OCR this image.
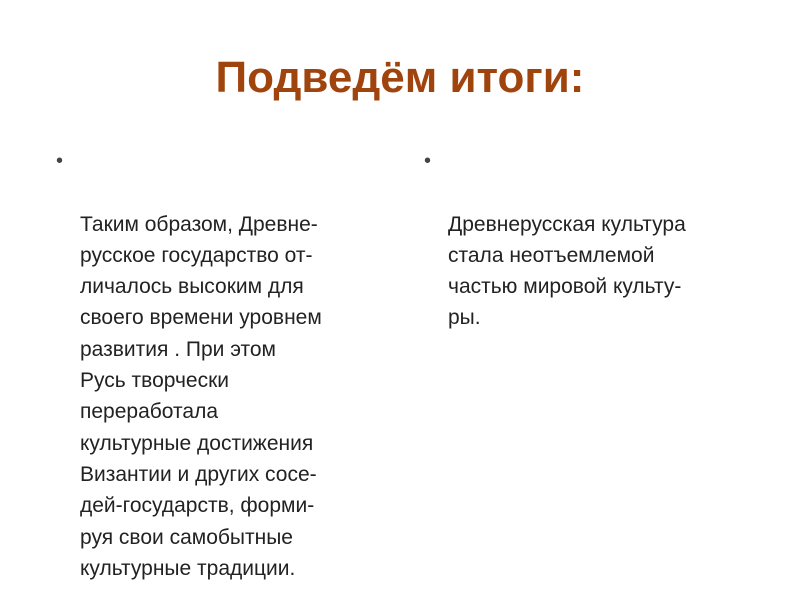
Подведём итоги:

•

Таким образом, Древне-
русское государство от-
личалось высоким для
своего времени уровнем
развития . При этом
Русь творчески
переработала
культурные достижения
Византии и других сосе-
дей-государств, форми-
руя свои самобытные
культурные традиции.

•

Древнерусская культура
стала неотъемлемой
частью мировой культу-
ры.
